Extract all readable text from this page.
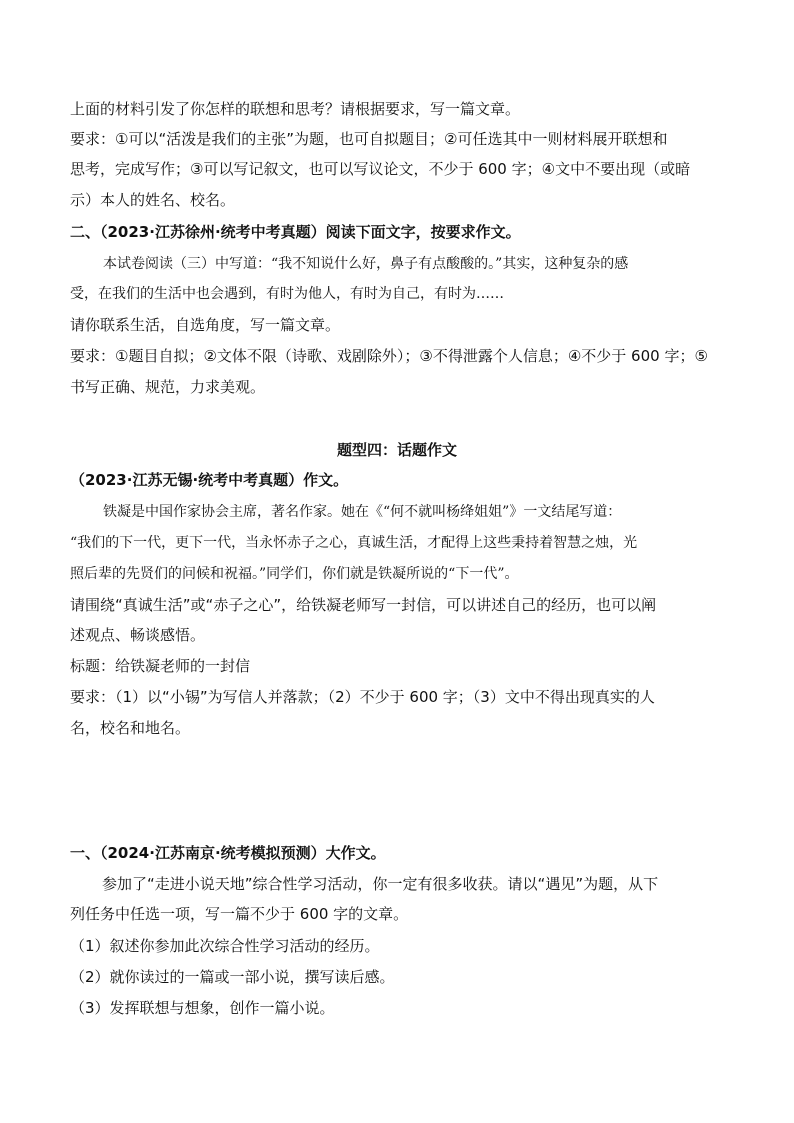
上面的材料引发了你怎样的联想和思考？请根据要求，写一篇文章。
要求：①可以“活泼是我们的主张”为题，也可自拟题目；②可任选其中一则材料展开联想和
思考，完成写作；③可以写记叙文，也可以写议论文，不少于 600 字；④文中不要出现（或暗
示）本人的姓名、校名。
二、（2023·江苏徐州·统考中考真题）阅读下面文字，按要求作文。
本试卷阅读（三）中写道：“我不知说什么好，鼻子有点酸酸的。”其实，这种复杂的感
受，在我们的生活中也会遇到，有时为他人，有时为自己，有时为……
请你联系生活，自选角度，写一篇文章。
要求：①题目自拟；②文体不限（诗歌、戏剧除外）；③不得泄露个人信息；④不少于 600 字；⑤
书写正确、规范，力求美观。
题型四：话题作文
（2023·江苏无锡·统考中考真题）作文。
铁凝是中国作家协会主席，著名作家。她在《“何不就叫杨绛姐姐”》一文结尾写道：
“我们的下一代，更下一代，当永怀赤子之心，真诚生活，才配得上这些秉持着智慧之烛，光
照后辈的先贤们的问候和祝福。”同学们，你们就是铁凝所说的“下一代”。
请围绕“真诚生活”或“赤子之心”，给铁凝老师写一封信，可以讲述自己的经历，也可以阐
述观点、畅谈感悟。
标题：给铁凝老师的一封信
要求：（1）以“小锡”为写信人并落款；（2）不少于 600 字；（3）文中不得出现真实的人
名，校名和地名。
一、（2024·江苏南京·统考模拟预测）大作文。
参加了“走进小说天地”综合性学习活动，你一定有很多收获。请以“遇见”为题，从下
列任务中任选一项，写一篇不少于 600 字的文章。
（1）叙述你参加此次综合性学习活动的经历。
（2）就你读过的一篇或一部小说，撰写读后感。
（3）发挥联想与想象，创作一篇小说。
